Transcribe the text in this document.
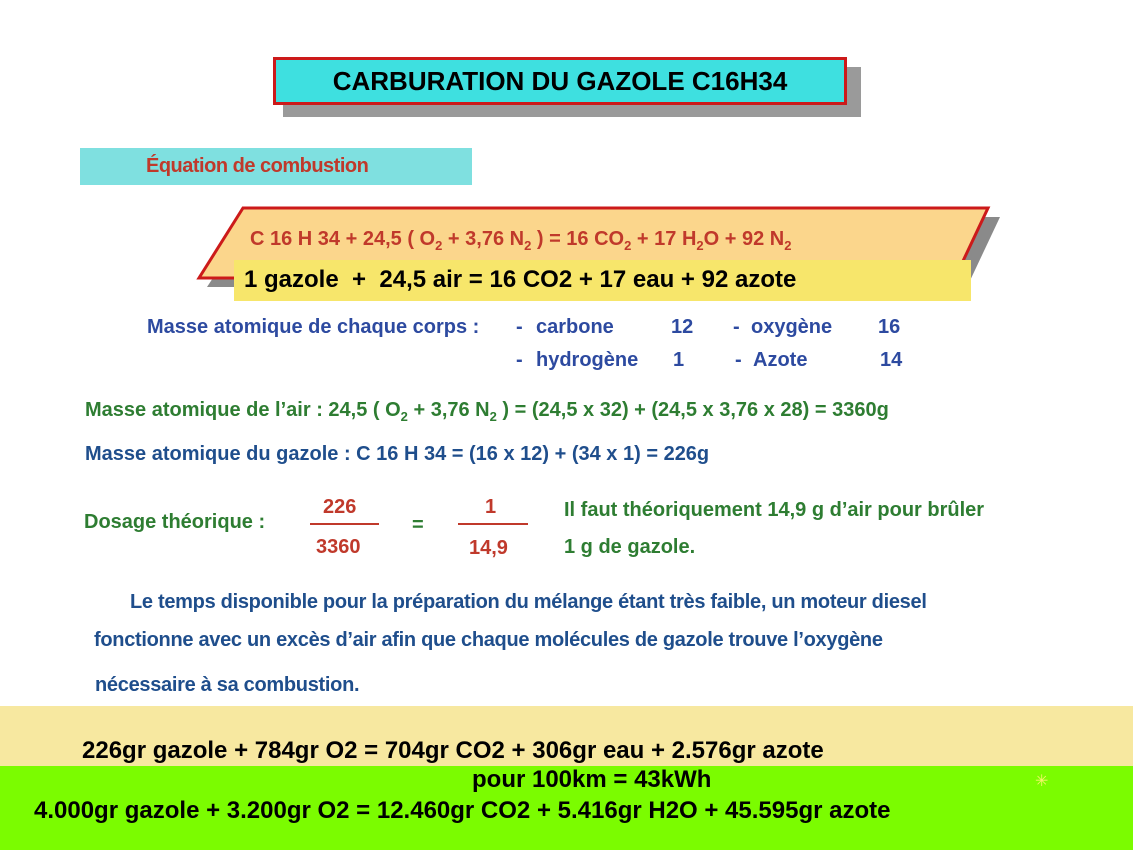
CARBURATION DU GAZOLE C16H34
Équation de combustion
C 16 H 34 + 24,5 ( $O_2 + 3,76$ $N_2$ ) = 16 $CO_2 + 17$ $H_2O + 92$ $N_2$
1 gazole  +  24,5 air = 16 CO2 + 17 eau + 92 azote
Masse atomique de chaque corps : - carbone	12 - oxygène 16
- hydrogène 1	- Azote	14
Masse atomique de l’air : 24,5 ( $O_2 + 3,76$ $N_2$ ) = (24,5 x 32) + (24,5 x 3,76 x 28) = 3360g
Masse atomique du gazole : C 16 H 34 = (16 x 12) + (34 x 1) = 226g
Dosage théorique :
226
3360
=
1
14,9
Il faut théoriquement 14,9 g d’air pour brûler
1 g de gazole.
Le temps disponible pour la préparation du mélange étant très faible, un moteur diesel
fonctionne avec un excès d’air afin que chaque molécules de gazole trouve l’oxygène
nécessaire à sa combustion.
226gr gazole + 784gr O2 = 704gr CO2 + 306gr eau + 2.576gr azote
pour 100km = 43kWh	✳
4.000gr gazole + 3.200gr O2 = 12.460gr CO2 + 5.416gr H2O + 45.595gr azote
